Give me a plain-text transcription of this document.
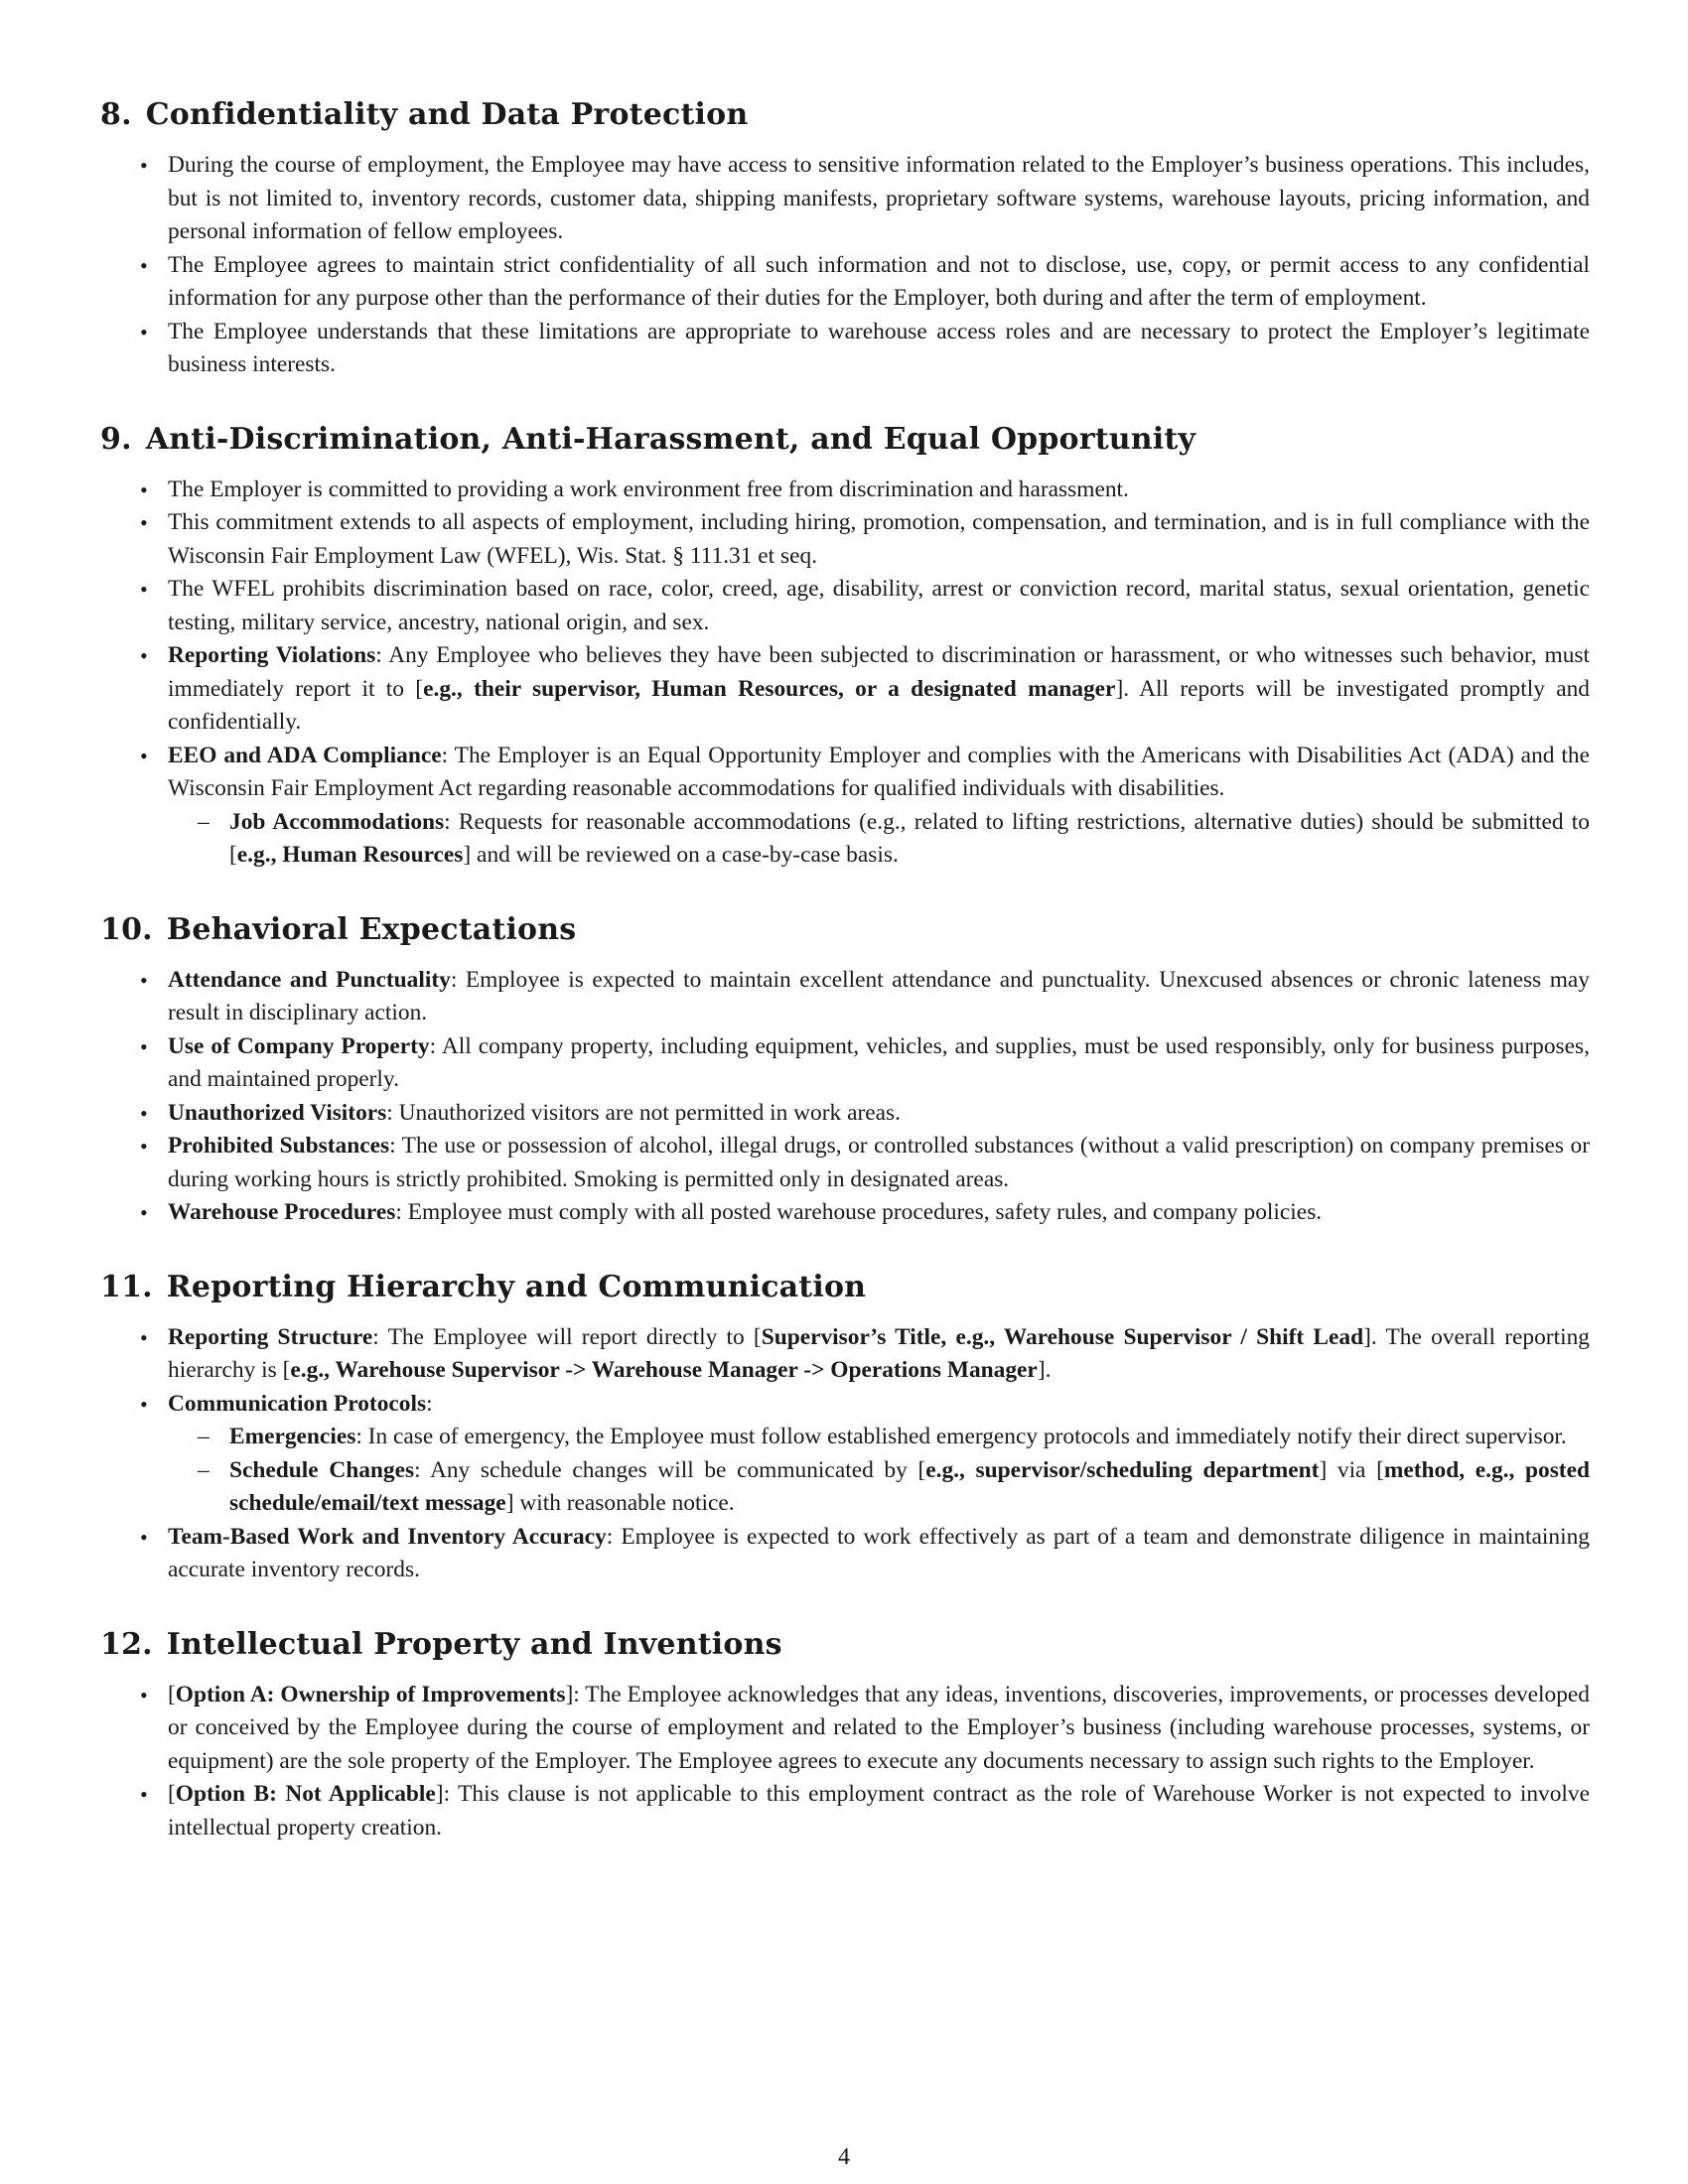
8. Confidentiality and Data Protection
• During the course of employment, the Employee may have access to sensitive information related to the Employer’s business operations. This includes, but is not limited to, inventory records, customer data, shipping manifests, proprietary software systems, warehouse layouts, pricing information, and personal information of fellow employees.
• The Employee agrees to maintain strict confidentiality of all such information and not to disclose, use, copy, or permit access to any confidential information for any purpose other than the performance of their duties for the Employer, both during and after the term of employment.
• The Employee understands that these limitations are appropriate to warehouse access roles and are necessary to protect the Employer’s legitimate business interests.
9. Anti-Discrimination, Anti-Harassment, and Equal Opportunity
• The Employer is committed to providing a work environment free from discrimination and harassment.
• This commitment extends to all aspects of employment, including hiring, promotion, compensation, and termination, and is in full compliance with the Wisconsin Fair Employment Law (WFEL), Wis. Stat. § 111.31 et seq.
• The WFEL prohibits discrimination based on race, color, creed, age, disability, arrest or conviction record, marital status, sexual orientation, genetic testing, military service, ancestry, national origin, and sex.
• Reporting Violations: Any Employee who believes they have been subjected to discrimination or harassment, or who witnesses such behavior, must immediately report it to [e.g., their supervisor, Human Resources, or a designated manager]. All reports will be investigated promptly and confidentially.
• EEO and ADA Compliance: The Employer is an Equal Opportunity Employer and complies with the Americans with Disabilities Act (ADA) and the Wisconsin Fair Employment Act regarding reasonable accommodations for qualified individuals with disabilities.
– Job Accommodations: Requests for reasonable accommodations (e.g., related to lifting restrictions, alternative duties) should be submitted to [e.g., Human Resources] and will be reviewed on a case-by-case basis.
10. Behavioral Expectations
• Attendance and Punctuality: Employee is expected to maintain excellent attendance and punctuality. Unexcused absences or chronic lateness may result in disciplinary action.
• Use of Company Property: All company property, including equipment, vehicles, and supplies, must be used responsibly, only for business purposes, and maintained properly.
• Unauthorized Visitors: Unauthorized visitors are not permitted in work areas.
• Prohibited Substances: The use or possession of alcohol, illegal drugs, or controlled substances (without a valid prescription) on company premises or during working hours is strictly prohibited. Smoking is permitted only in designated areas.
• Warehouse Procedures: Employee must comply with all posted warehouse procedures, safety rules, and company policies.
11. Reporting Hierarchy and Communication
• Reporting Structure: The Employee will report directly to [Supervisor’s Title, e.g., Warehouse Supervisor / Shift Lead]. The overall reporting hierarchy is [e.g., Warehouse Supervisor -> Warehouse Manager -> Operations Manager].
• Communication Protocols:
– Emergencies: In case of emergency, the Employee must follow established emergency protocols and immediately notify their direct supervisor.
– Schedule Changes: Any schedule changes will be communicated by [e.g., supervisor/scheduling department] via [method, e.g., posted schedule/email/text message] with reasonable notice.
• Team-Based Work and Inventory Accuracy: Employee is expected to work effectively as part of a team and demonstrate diligence in maintaining accurate inventory records.
12. Intellectual Property and Inventions
• [Option A: Ownership of Improvements]: The Employee acknowledges that any ideas, inventions, discoveries, improvements, or processes developed or conceived by the Employee during the course of employment and related to the Employer’s business (including warehouse processes, systems, or equipment) are the sole property of the Employer. The Employee agrees to execute any documents necessary to assign such rights to the Employer.
• [Option B: Not Applicable]: This clause is not applicable to this employment contract as the role of Warehouse Worker is not expected to involve intellectual property creation.
4
